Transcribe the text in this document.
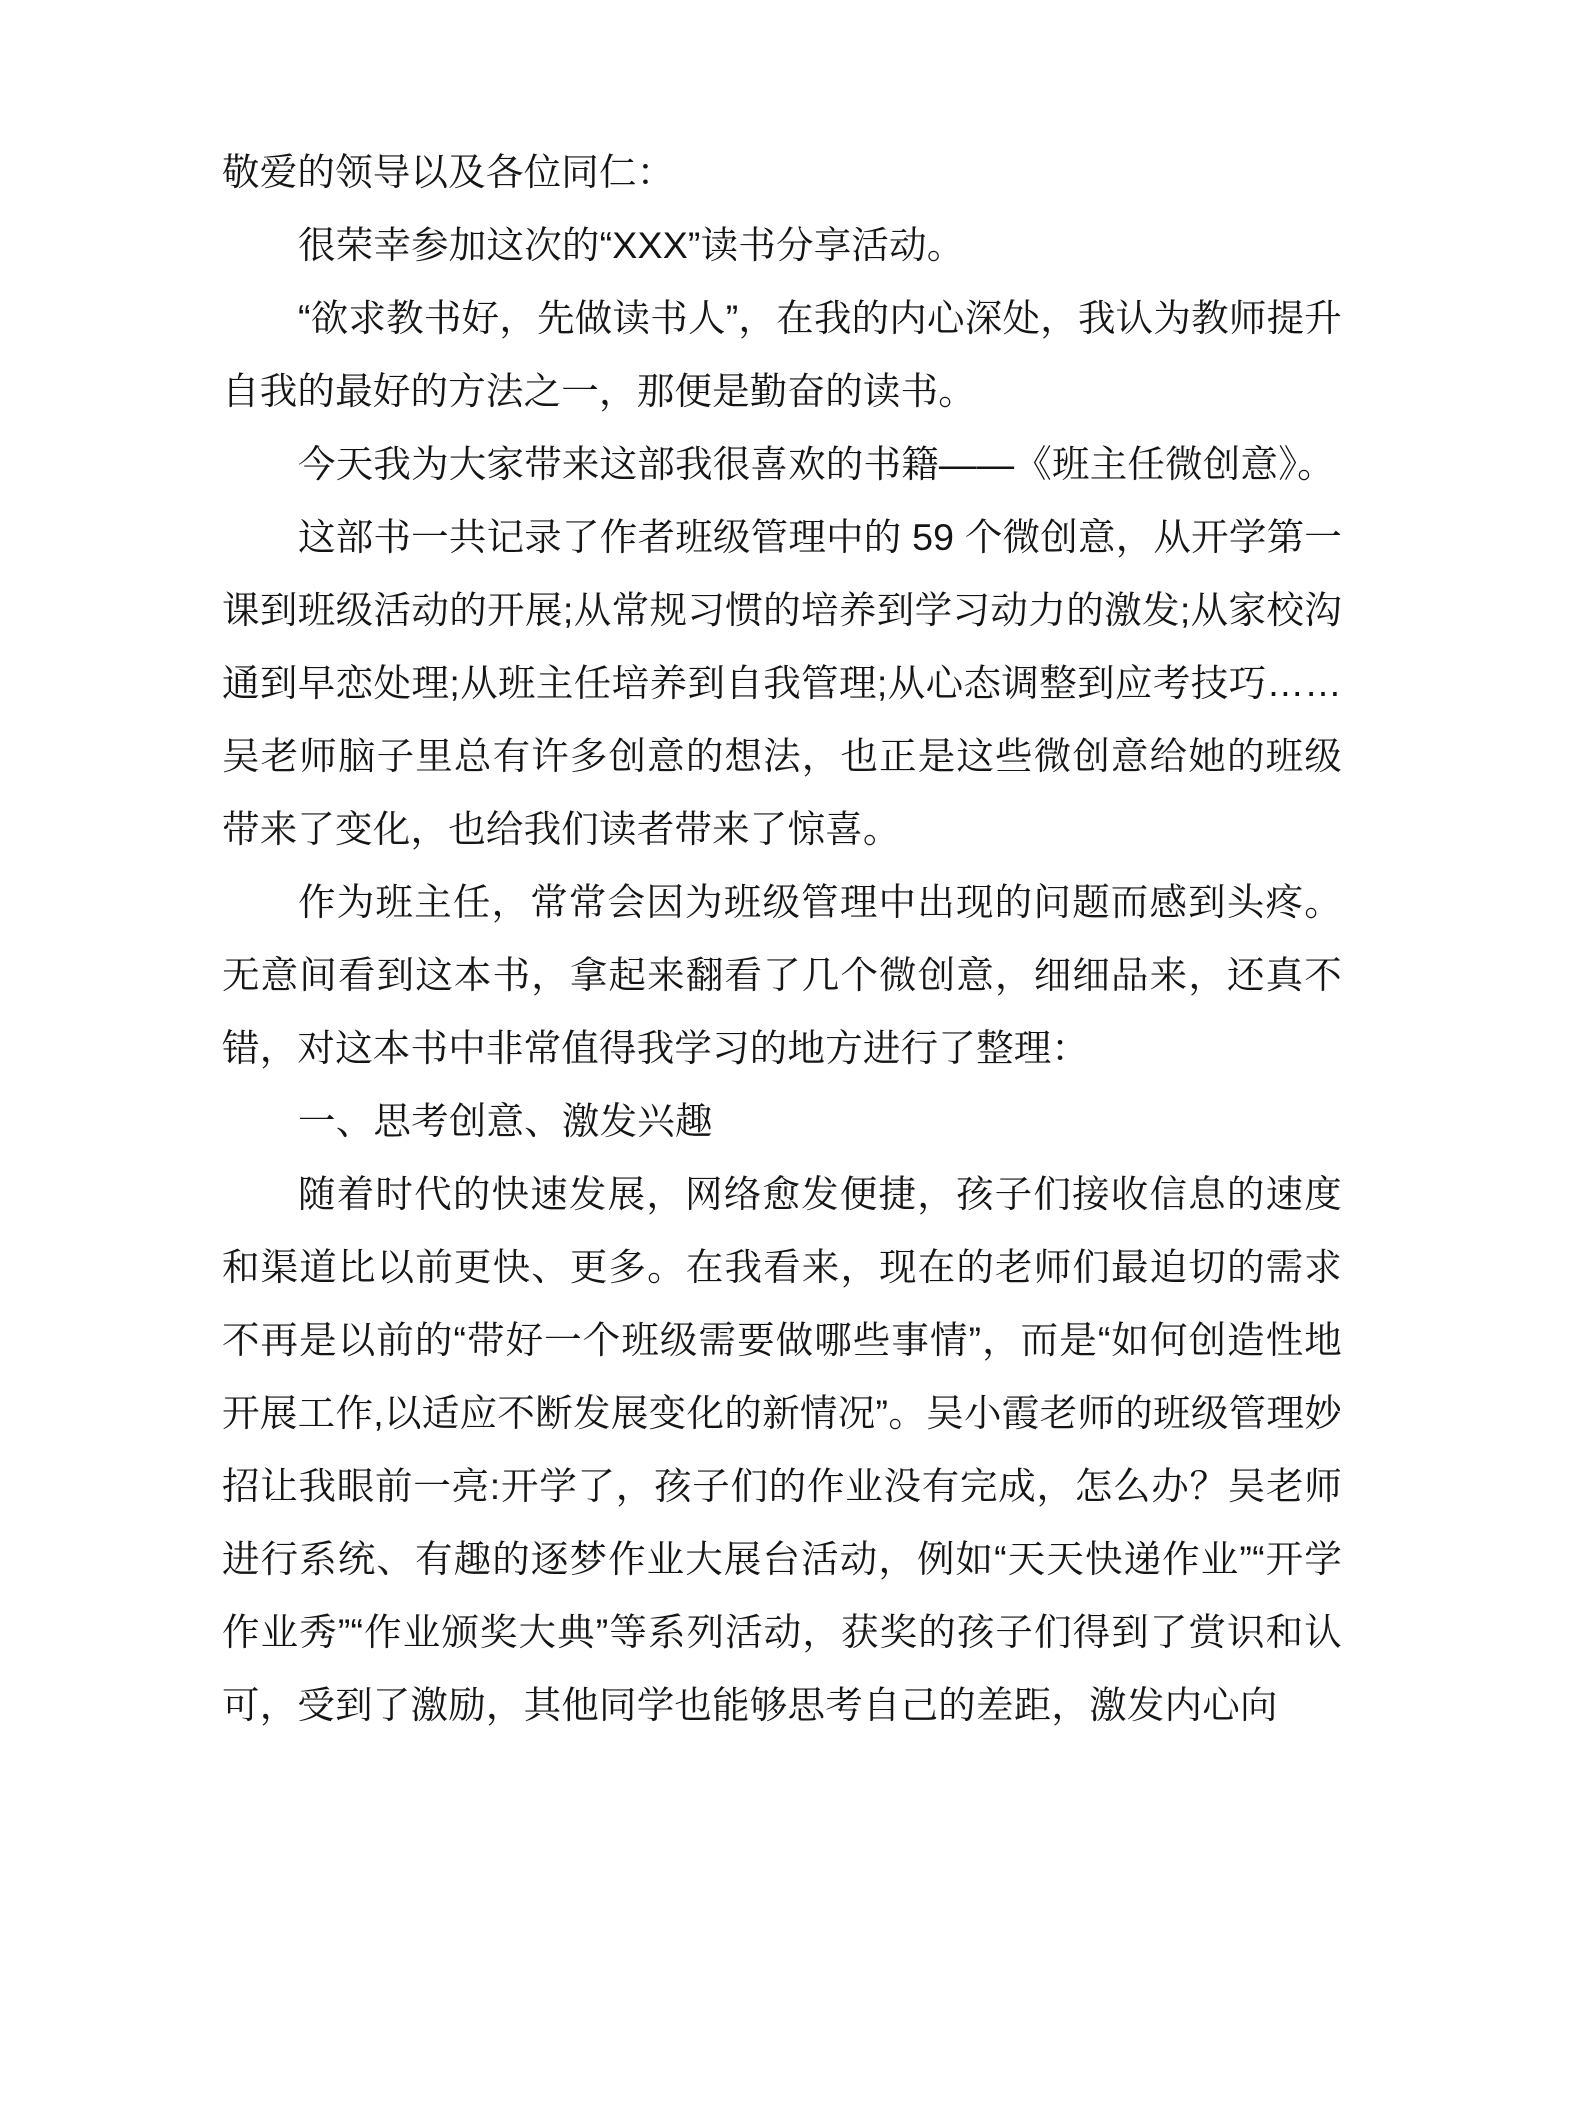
敬爱的领导以及各位同仁：

很荣幸参加这次的“XXX”读书分享活动。

“欲求教书好，先做读书人”，在我的内心深处，我认为教师提升自我的最好的方法之一，那便是勤奋的读书。

今天我为大家带来这部我很喜欢的书籍——《班主任微创意》。

这部书一共记录了作者班级管理中的 59 个微创意，从开学第一课到班级活动的开展;从常规习惯的培养到学习动力的激发;从家校沟通到早恋处理;从班主任培养到自我管理;从心态调整到应考技巧……吴老师脑子里总有许多创意的想法，也正是这些微创意给她的班级带来了变化，也给我们读者带来了惊喜。

作为班主任，常常会因为班级管理中出现的问题而感到头疼。无意间看到这本书，拿起来翻看了几个微创意，细细品来，还真不错，对这本书中非常值得我学习的地方进行了整理：

一、思考创意、激发兴趣

随着时代的快速发展，网络愈发便捷，孩子们接收信息的速度和渠道比以前更快、更多。在我看来，现在的老师们最迫切的需求不再是以前的“带好一个班级需要做哪些事情”，而是“如何创造性地开展工作,以适应不断发展变化的新情况”。吴小霞老师的班级管理妙招让我眼前一亮:开学了，孩子们的作业没有完成，怎么办？吴老师进行系统、有趣的逐梦作业大展台活动，例如“天天快递作业”“开学作业秀”“作业颁奖大典”等系列活动，获奖的孩子们得到了赏识和认可，受到了激励，其他同学也能够思考自己的差距，激发内心向
